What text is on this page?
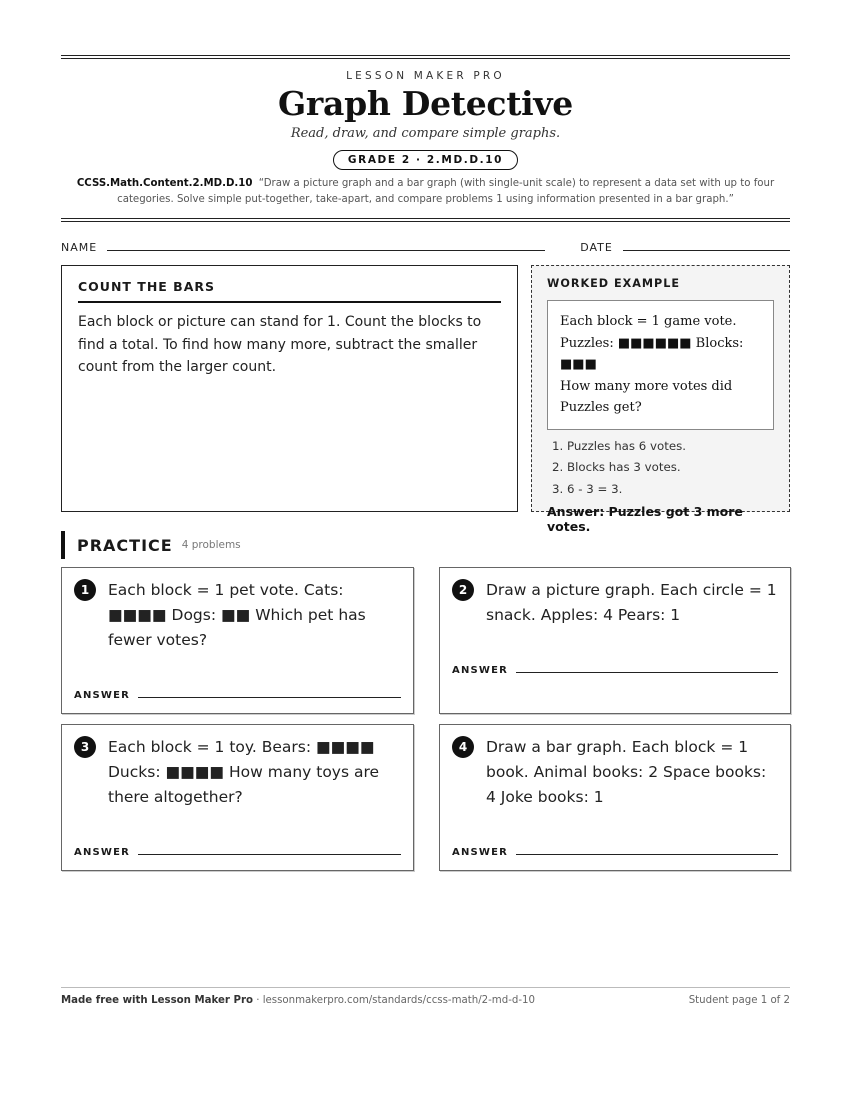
LESSON MAKER PRO
Graph Detective
Read, draw, and compare simple graphs.
GRADE 2 · 2.MD.D.10
CCSS.Math.Content.2.MD.D.10 “Draw a picture graph and a bar graph (with single-unit scale) to represent a data set with up to four categories. Solve simple put-together, take-apart, and compare problems 1 using information presented in a bar graph.”
NAME	DATE
COUNT THE BARS

Each block or picture can stand for 1. Count the blocks to find a total. To find how many more, subtract the smaller count from the larger count.

WORKED EXAMPLE
Each block = 1 game vote.
Puzzles: ■■■■■■ Blocks: ■■■
How many more votes did
Puzzles get?
1. Puzzles has 6 votes.
2. Blocks has 3 votes.
3. 6 - 3 = 3.
Answer: Puzzles got 3 more votes.
PRACTICE 4 problems
1	Each block = 1 pet vote. Cats: ■■■■ Dogs: ■■ Which pet has fewer votes?
ANSWER
2	Draw a picture graph. Each circle = 1 snack. Apples: 4 Pears: 1
ANSWER
3	Each block = 1 toy. Bears: ■■■■ Ducks: ■■■■ How many toys are there altogether?
ANSWER
4	Draw a bar graph. Each block = 1 book. Animal books: 2 Space books: 4 Joke books: 1
ANSWER
Made free with Lesson Maker Pro · lessonmakerpro.com/standards/ccss-math/2-md-d-10	Student page 1 of 2
